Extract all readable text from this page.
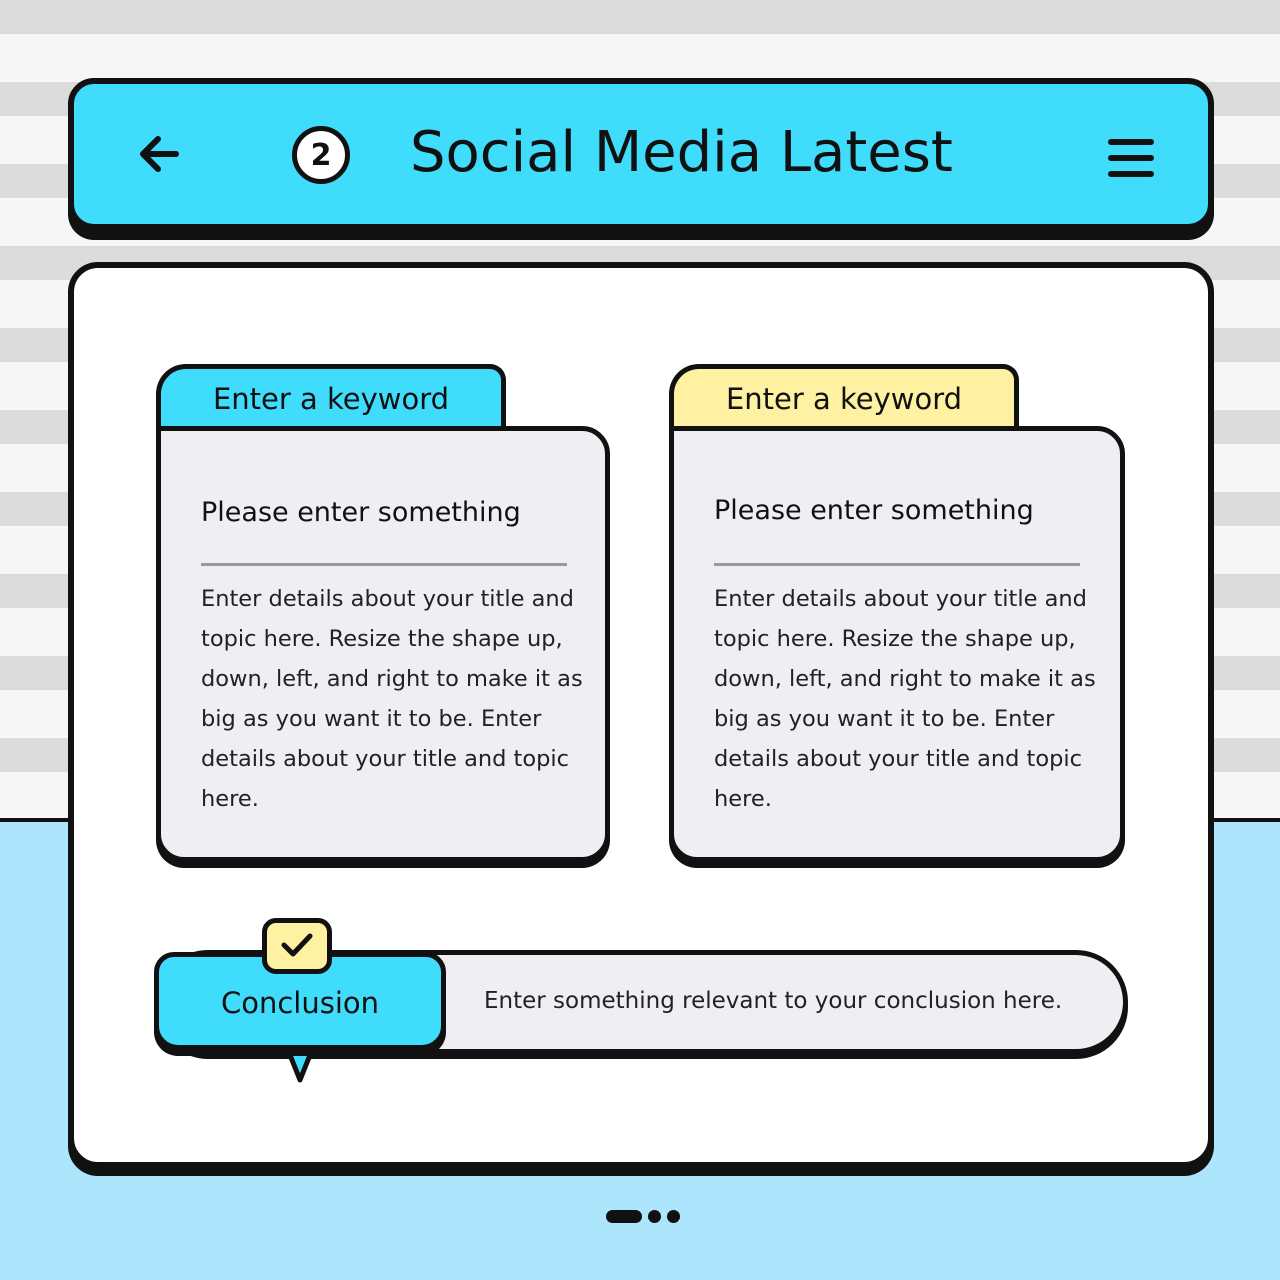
2 Social Media Latest
Enter a keyword
Please enter something
Enter details about your title and topic here. Resize the shape up, down, left, and right to make it as big as you want it to be. Enter details about your title and topic here.
Enter a keyword
Please enter something
Enter details about your title and topic here. Resize the shape up, down, left, and right to make it as big as you want it to be. Enter details about your title and topic here.
Enter something relevant to your conclusion here.
Conclusion
